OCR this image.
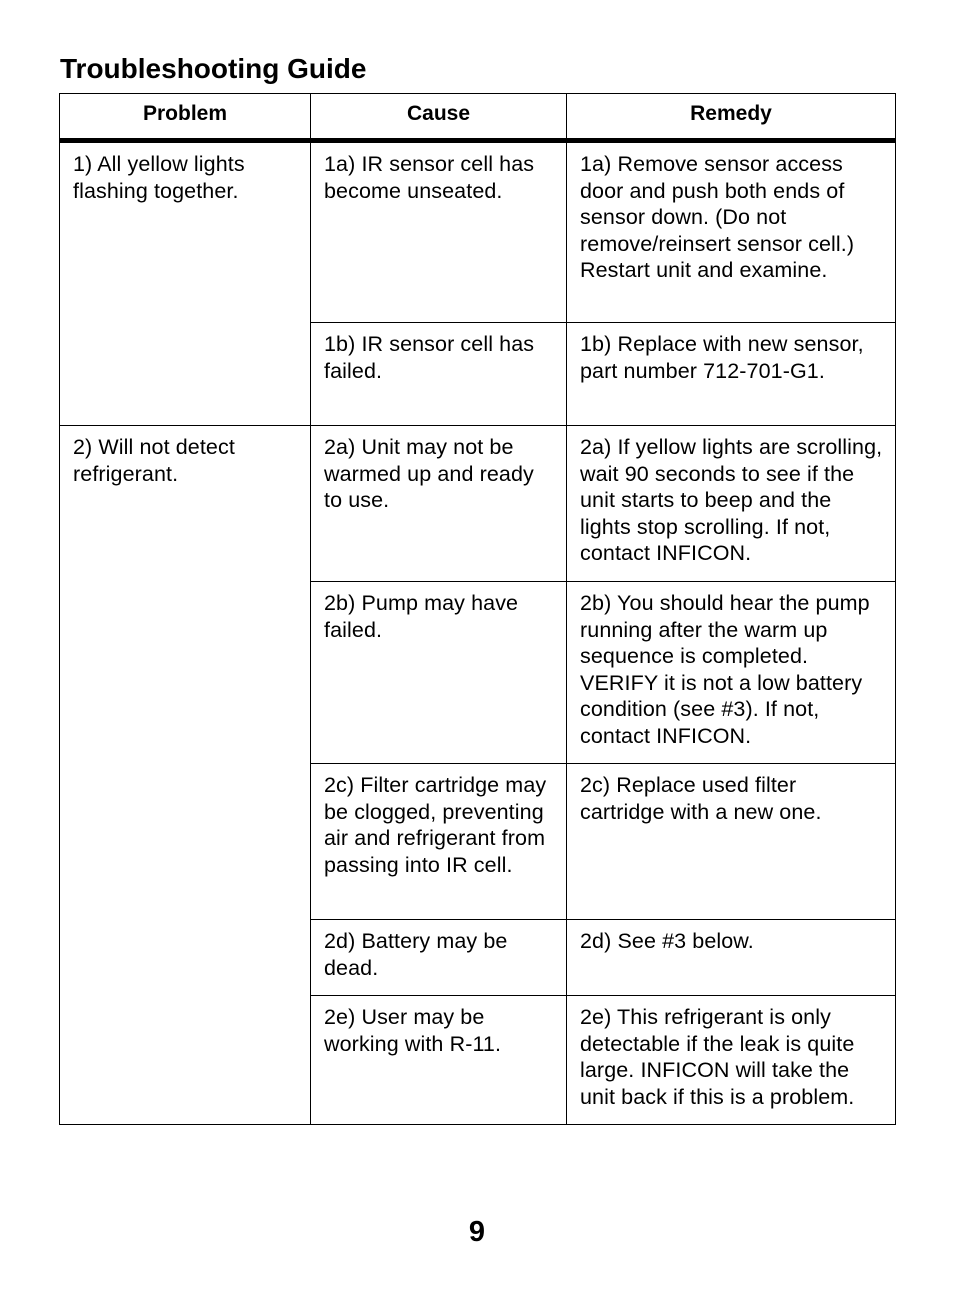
Troubleshooting Guide
Problem	Cause	Remedy
1) All yellow lights flashing together.	1a) IR sensor cell has become unseated.	1a) Remove sensor access door and push both ends of sensor down. (Do not remove/reinsert sensor cell.) Restart unit and examine.
	1b) IR sensor cell has failed.	1b) Replace with new sensor, part number 712-701-G1.
2) Will not detect refrigerant.	2a) Unit may not be warmed up and ready to use.	2a) If yellow lights are scrolling, wait 90 seconds to see if the unit starts to beep and the lights stop scrolling. If not, contact INFICON.
	2b) Pump may have failed.	2b) You should hear the pump running after the warm up sequence is completed. VERIFY it is not a low battery condition (see #3). If not, contact INFICON.
	2c) Filter cartridge may be clogged, preventing air and refrigerant from passing into IR cell.	2c) Replace used filter cartridge with a new one.
	2d) Battery may be dead.	2d) See #3 below.
	2e) User may be working with R-11.	2e) This refrigerant is only detectable if the leak is quite large. INFICON will take the unit back if this is a problem.
9
